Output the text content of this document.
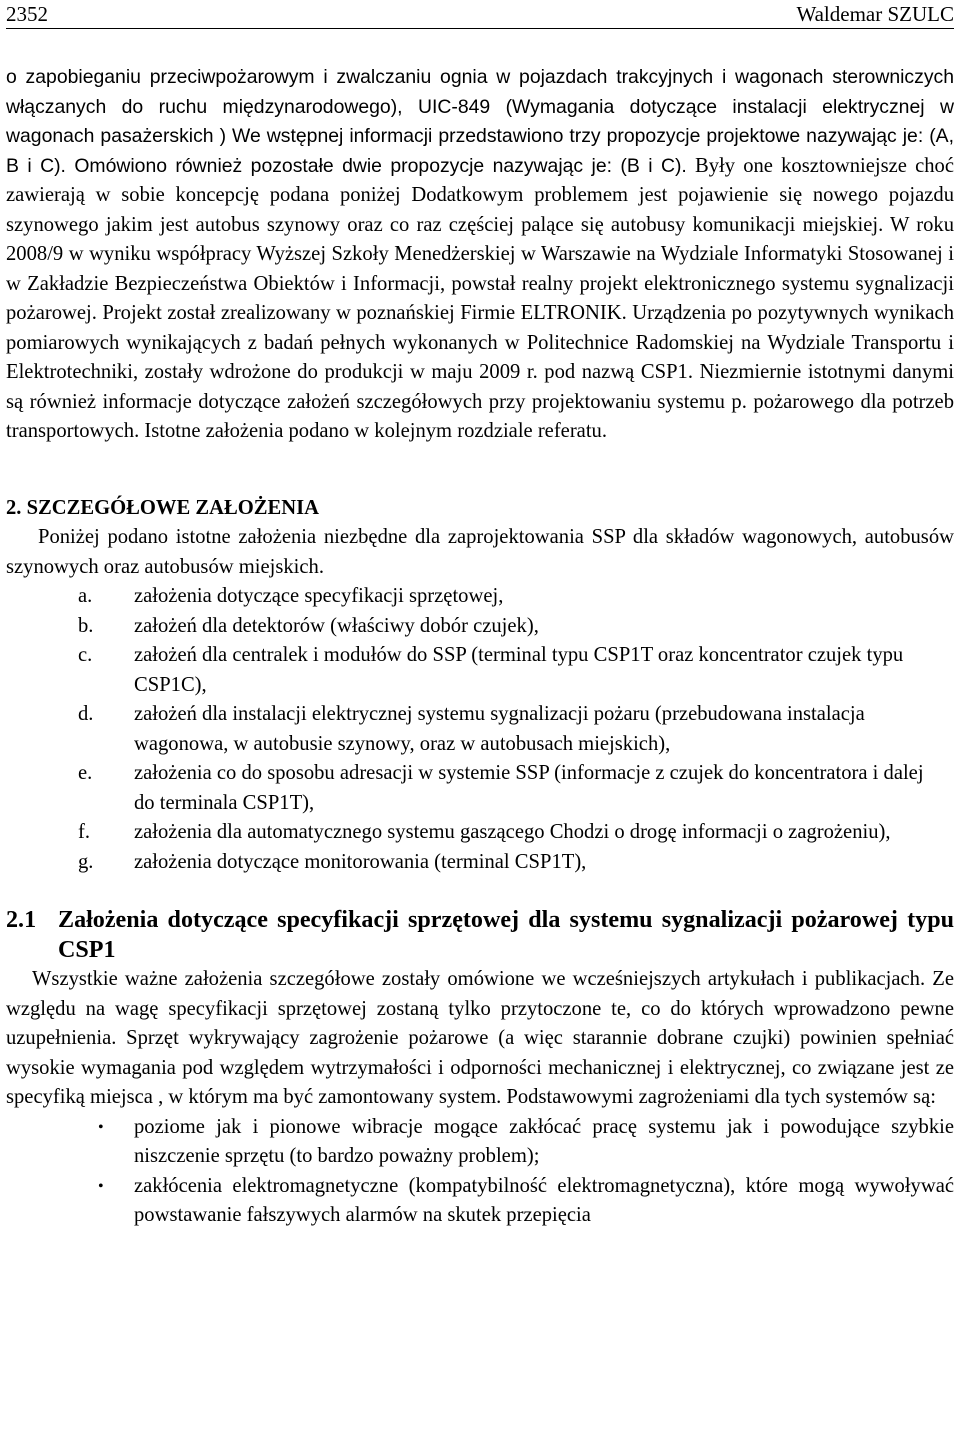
2352	Waldemar SZULC

o zapobieganiu przeciwpożarowym i zwalczaniu ognia w pojazdach trakcyjnych i wagonach sterowniczych włączanych do ruchu międzynarodowego), UIC-849 (Wymagania dotyczące instalacji elektrycznej w wagonach pasażerskich ) We wstępnej informacji przedstawiono trzy propozycje projektowe nazywając je: (A, B i C). Omówiono również pozostałe dwie propozycje nazywając je: (B i C). Były one kosztowniejsze choć zawierają w sobie koncepcję podana poniżej Dodatkowym problemem jest pojawienie się nowego pojazdu szynowego jakim jest autobus szynowy oraz co raz częściej palące się autobusy komunikacji miejskiej. W roku 2008/9 w wyniku współpracy Wyższej Szkoły Menedżerskiej w Warszawie na Wydziale Informatyki Stosowanej i w Zakładzie Bezpieczeństwa Obiektów i Informacji, powstał realny projekt elektronicznego systemu sygnalizacji pożarowej. Projekt został zrealizowany w poznańskiej Firmie ELTRONIK. Urządzenia po pozytywnych wynikach pomiarowych wynikających z badań pełnych wykonanych w Politechnice Radomskiej na Wydziale Transportu i Elektrotechniki, zostały wdrożone do produkcji w maju 2009 r. pod nazwą CSP1. Niezmiernie istotnymi danymi są również informacje dotyczące założeń szczegółowych przy projektowaniu systemu p. pożarowego dla potrzeb transportowych. Istotne założenia podano w kolejnym rozdziale referatu.

2. SZCZEGÓŁOWE ZAŁOŻENIA

Poniżej podano istotne założenia niezbędne dla zaprojektowania SSP dla składów wagonowych, autobusów szynowych oraz autobusów miejskich.

a.	założenia dotyczące specyfikacji sprzętowej,
b.	założeń dla detektorów (właściwy dobór czujek),
c.	założeń dla centralek i modułów do SSP (terminal typu CSP1T oraz koncentrator czujek typu CSP1C),
d.	założeń dla instalacji elektrycznej systemu sygnalizacji pożaru (przebudowana instalacja wagonowa, w autobusie szynowy, oraz w autobusach miejskich),
e.	założenia co do sposobu adresacji w systemie SSP (informacje z czujek do koncentratora i dalej do terminala CSP1T),
f.	założenia dla automatycznego systemu gaszącego Chodzi o drogę informacji o zagrożeniu),
g.	założenia dotyczące monitorowania (terminal CSP1T),
2.1 Założenia dotyczące specyfikacji sprzętowej dla systemu sygnalizacji pożarowej typu CSP1

Wszystkie ważne założenia szczegółowe zostały omówione we wcześniejszych artykułach i publikacjach. Ze względu na wagę specyfikacji sprzętowej zostaną tylko przytoczone te, co do których wprowadzono pewne uzupełnienia. Sprzęt wykrywający zagrożenie pożarowe (a więc starannie dobrane czujki) powinien spełniać wysokie wymagania pod względem wytrzymałości i odporności mechanicznej i elektrycznej, co związane jest ze specyfiką miejsca , w którym ma być zamontowany system. Podstawowymi zagrożeniami dla tych systemów są:

•	poziome jak i pionowe wibracje mogące zakłócać pracę systemu jak i powodujące szybkie niszczenie sprzętu (to bardzo poważny problem);
•	zakłócenia elektromagnetyczne (kompatybilność elektromagnetyczna), które mogą wywoływać powstawanie fałszywych alarmów na skutek przepięcia
